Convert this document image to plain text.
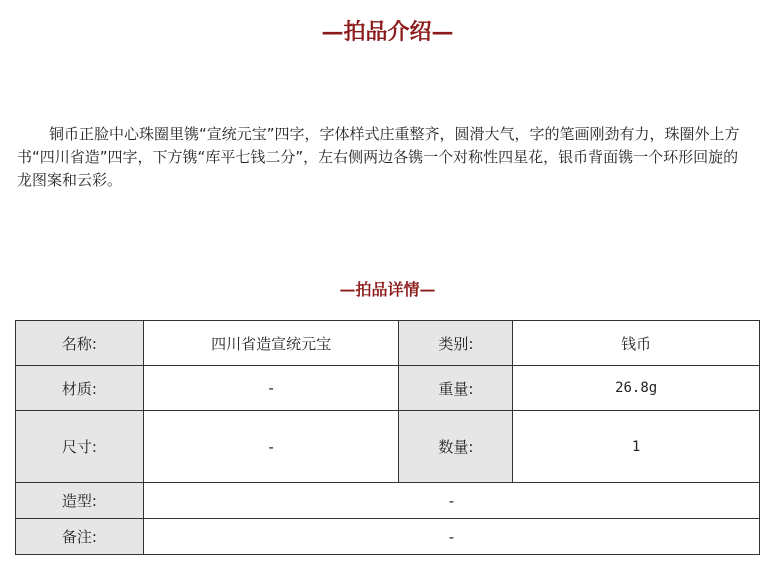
—拍品介绍—

铜币正脸中心珠圈里镌“宣统元宝”四字，字体样式庄重整齐，圆滑大气，字的笔画刚劲有力，珠圈外上方书“四川省造”四字，下方镌“库平七钱二分”，左右侧两边各镌一个对称性四星花，银币背面镌一个环形回旋的龙图案和云彩。

—拍品详情—
名称:	四川省造宣统元宝	类别:	钱币
材质:	-	重量:	26.8g
尺寸:	-	数量:	1
造型:	-		
备注:	-		
